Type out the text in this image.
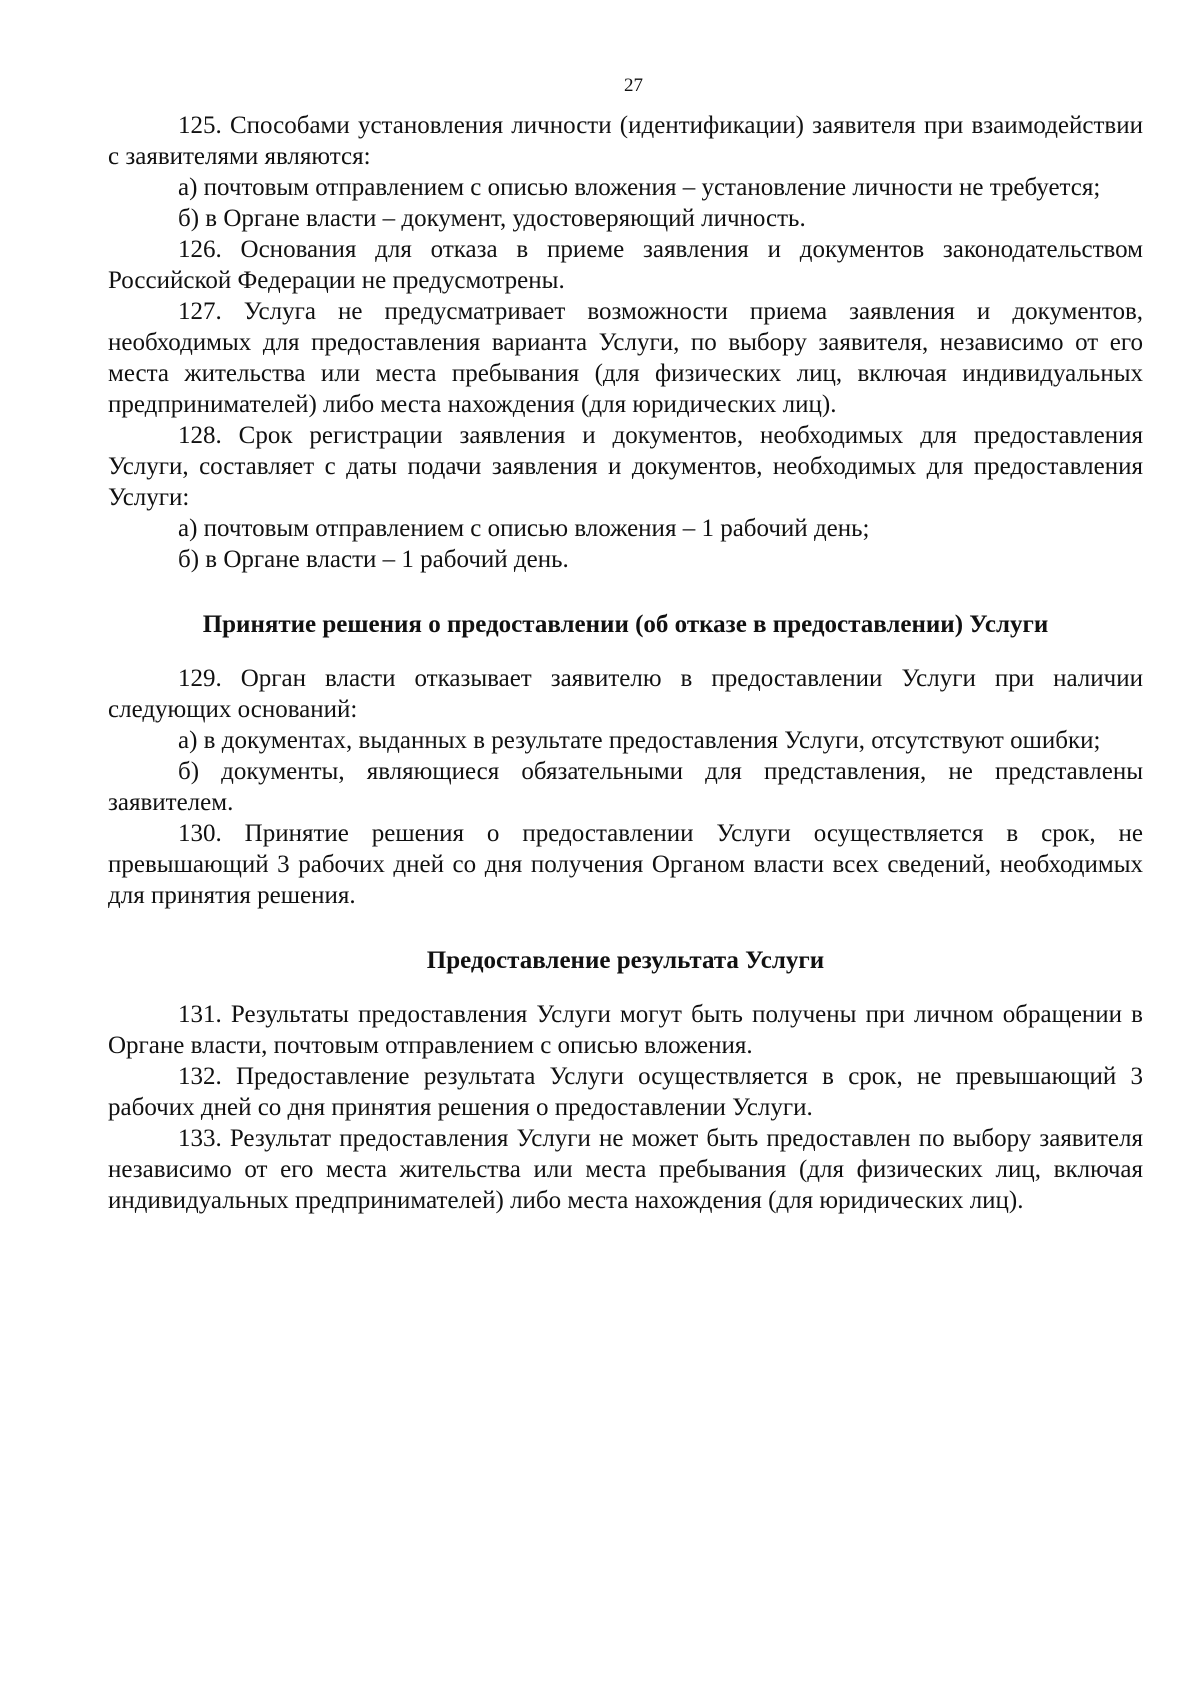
27

125. Способами установления личности (идентификации) заявителя при взаимодействии с заявителями являются:

а) почтовым отправлением с описью вложения – установление личности не требуется;

б) в Органе власти – документ, удостоверяющий личность.

126. Основания для отказа в приеме заявления и документов законодательством Российской Федерации не предусмотрены.

127. Услуга не предусматривает возможности приема заявления и документов, необходимых для предоставления варианта Услуги, по выбору заявителя, независимо от его места жительства или места пребывания (для физических лиц, включая индивидуальных предпринимателей) либо места нахождения (для юридических лиц).

128. Срок регистрации заявления и документов, необходимых для предоставления Услуги, составляет с даты подачи заявления и документов, необходимых для предоставления Услуги:

а) почтовым отправлением с описью вложения – 1 рабочий день;

б) в Органе власти – 1 рабочий день.

Принятие решения о предоставлении (об отказе в предоставлении) Услуги

129. Орган власти отказывает заявителю в предоставлении Услуги при наличии следующих оснований:

а) в документах, выданных в результате предоставления Услуги, отсутствуют ошибки;

б) документы, являющиеся обязательными для представления, не представлены заявителем.

130. Принятие решения о предоставлении Услуги осуществляется в срок, не превышающий 3 рабочих дней со дня получения Органом власти всех сведений, необходимых для принятия решения.

Предоставление результата Услуги

131. Результаты предоставления Услуги могут быть получены при личном обращении в Органе власти, почтовым отправлением с описью вложения.

132. Предоставление результата Услуги осуществляется в срок, не превышающий 3 рабочих дней со дня принятия решения о предоставлении Услуги.

133. Результат предоставления Услуги не может быть предоставлен по выбору заявителя независимо от его места жительства или места пребывания (для физических лиц, включая индивидуальных предпринимателей) либо места нахождения (для юридических лиц).
